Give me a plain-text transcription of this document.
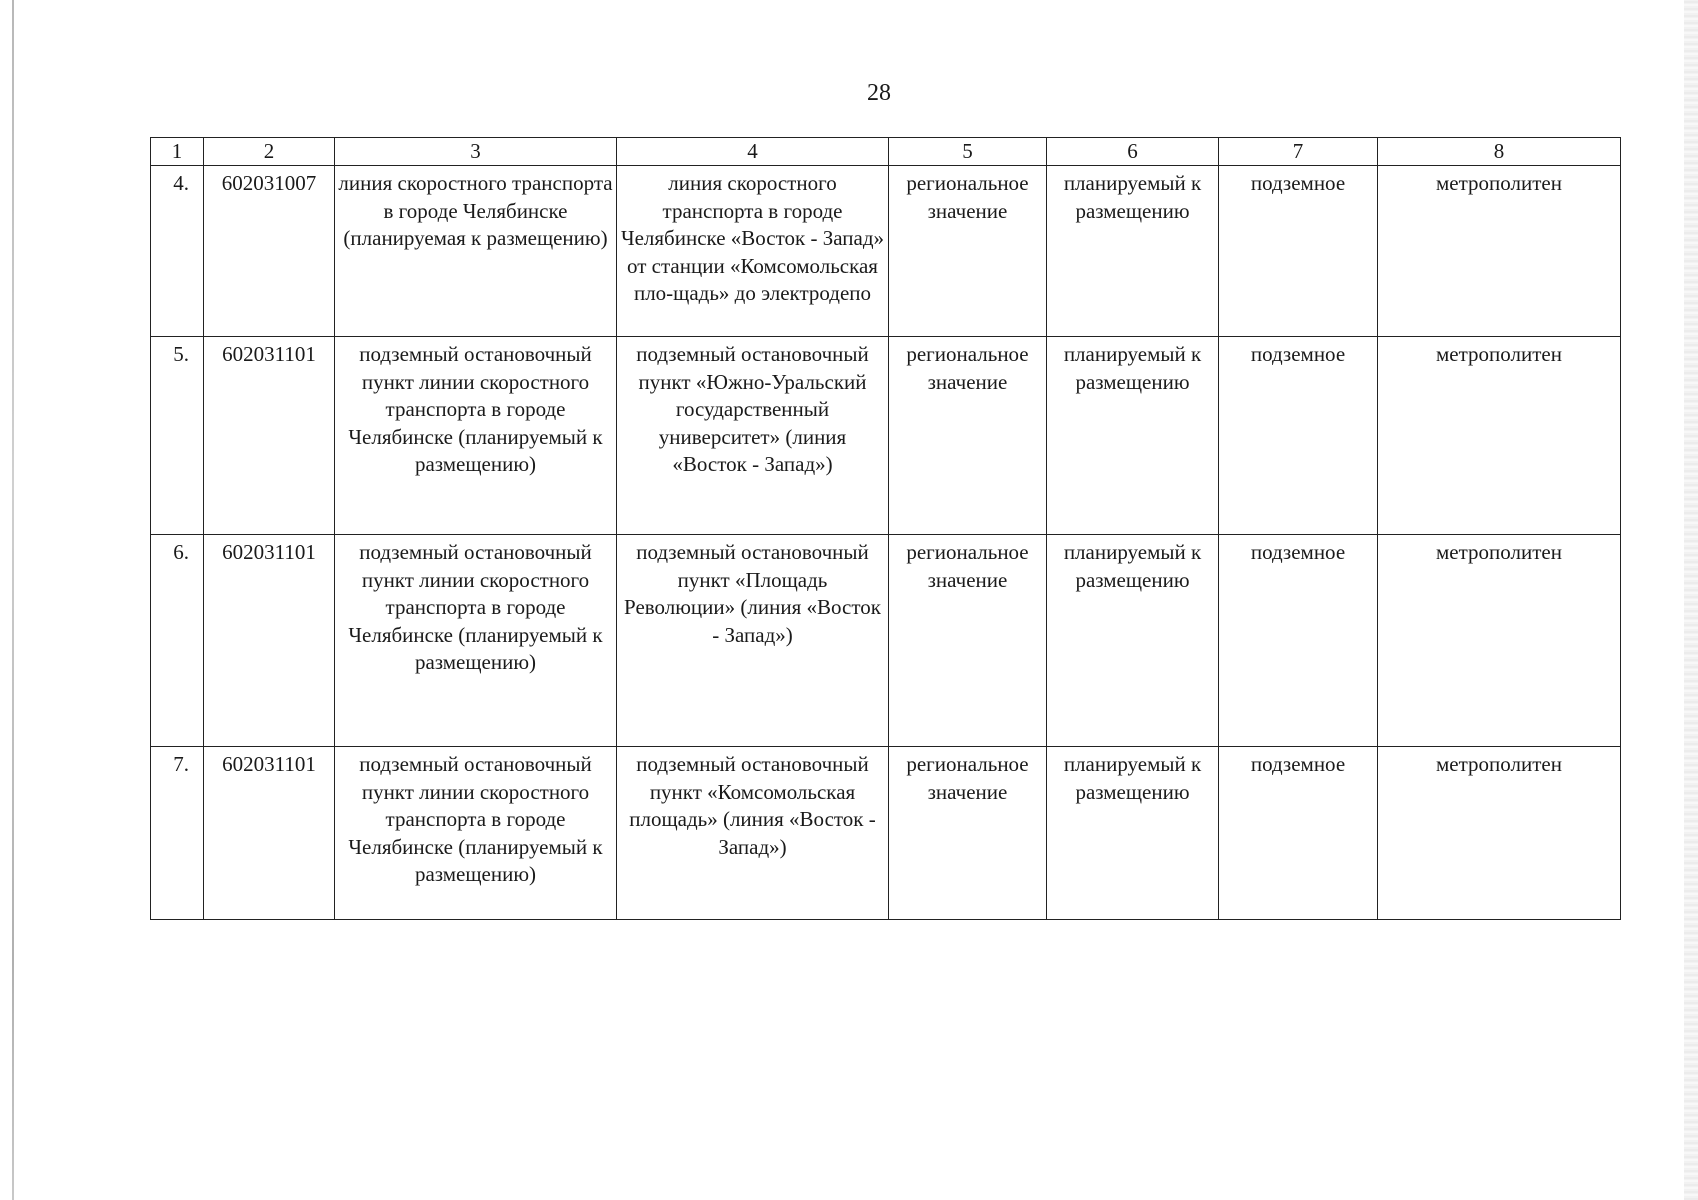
28
1	2	3	4	5	6	7	8

4.	602031007	линия скоростного транспорта в городе Челябинске (планируемая к размещению)	линия скоростного транспорта в городе Челябинске «Восток - Запад» от станции «Комсомольская пло-щадь» до электродепо	региональное значение	планируемый к размещению	подземное	метрополитен

5.	602031101	подземный остановочный пункт линии скоростного транспорта в городе Челябинске (планируемый к размещению)	подземный остановочный пункт «Южно-Уральский государственный университет» (линия «Восток - Запад»)	региональное значение	планируемый к размещению	подземное	метрополитен

6.	602031101	подземный остановочный пункт линии скоростного транспорта в городе Челябинске (планируемый к размещению)	подземный остановочный пункт «Площадь Революции» (линия «Восток - Запад»)	региональное значение	планируемый к размещению	подземное	метрополитен

7.	602031101	подземный остановочный пункт линии скоростного транспорта в городе Челябинске (планируемый к размещению)	подземный остановочный пункт «Комсомольская площадь» (линия «Восток - Запад»)	региональное значение	планируемый к размещению	подземное	метрополитен
